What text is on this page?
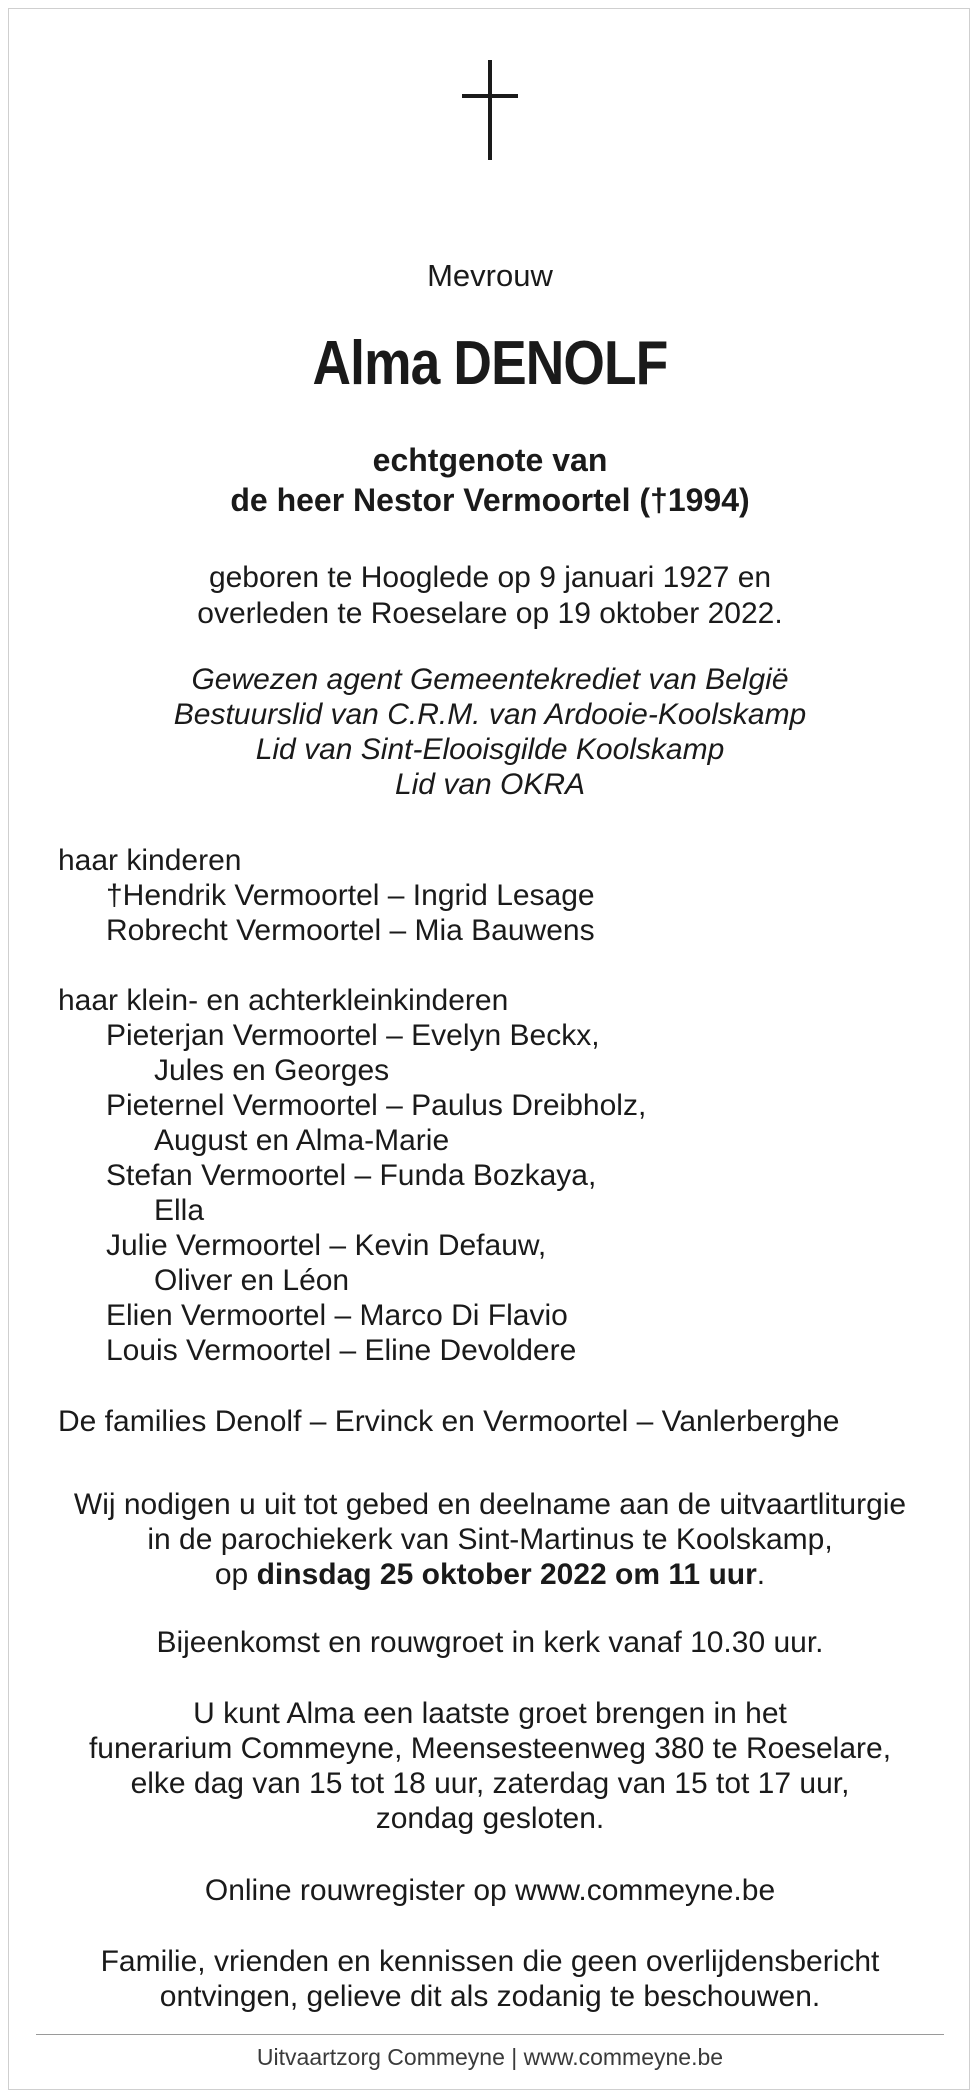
Mevrouw
Alma DENOLF
echtgenote van
de heer Nestor Vermoortel (†1994)
geboren te Hooglede op 9 januari 1927 en
overleden te Roeselare op 19 oktober 2022.
Gewezen agent Gemeentekrediet van België
Bestuurslid van C.R.M. van Ardooie-Koolskamp
Lid van Sint-Elooisgilde Koolskamp
Lid van OKRA
haar kinderen
†Hendrik Vermoortel – Ingrid Lesage
Robrecht Vermoortel – Mia Bauwens
haar klein- en achterkleinkinderen
Pieterjan Vermoortel – Evelyn Beckx,
Jules en Georges
Pieternel Vermoortel – Paulus Dreibholz,
August en Alma-Marie
Stefan Vermoortel – Funda Bozkaya,
Ella
Julie Vermoortel – Kevin Defauw,
Oliver en Léon
Elien Vermoortel – Marco Di Flavio
Louis Vermoortel – Eline Devoldere
De families Denolf – Ervinck en Vermoortel – Vanlerberghe
Wij nodigen u uit tot gebed en deelname aan de uitvaartliturgie
in de parochiekerk van Sint-Martinus te Koolskamp,
op dinsdag 25 oktober 2022 om 11 uur.
Bijeenkomst en rouwgroet in kerk vanaf 10.30 uur.
U kunt Alma een laatste groet brengen in het
funerarium Commeyne, Meensesteenweg 380 te Roeselare,
elke dag van 15 tot 18 uur, zaterdag van 15 tot 17 uur,
zondag gesloten.
Online rouwregister op www.commeyne.be
Familie, vrienden en kennissen die geen overlijdensbericht
ontvingen, gelieve dit als zodanig te beschouwen.
Uitvaartzorg Commeyne | www.commeyne.be
